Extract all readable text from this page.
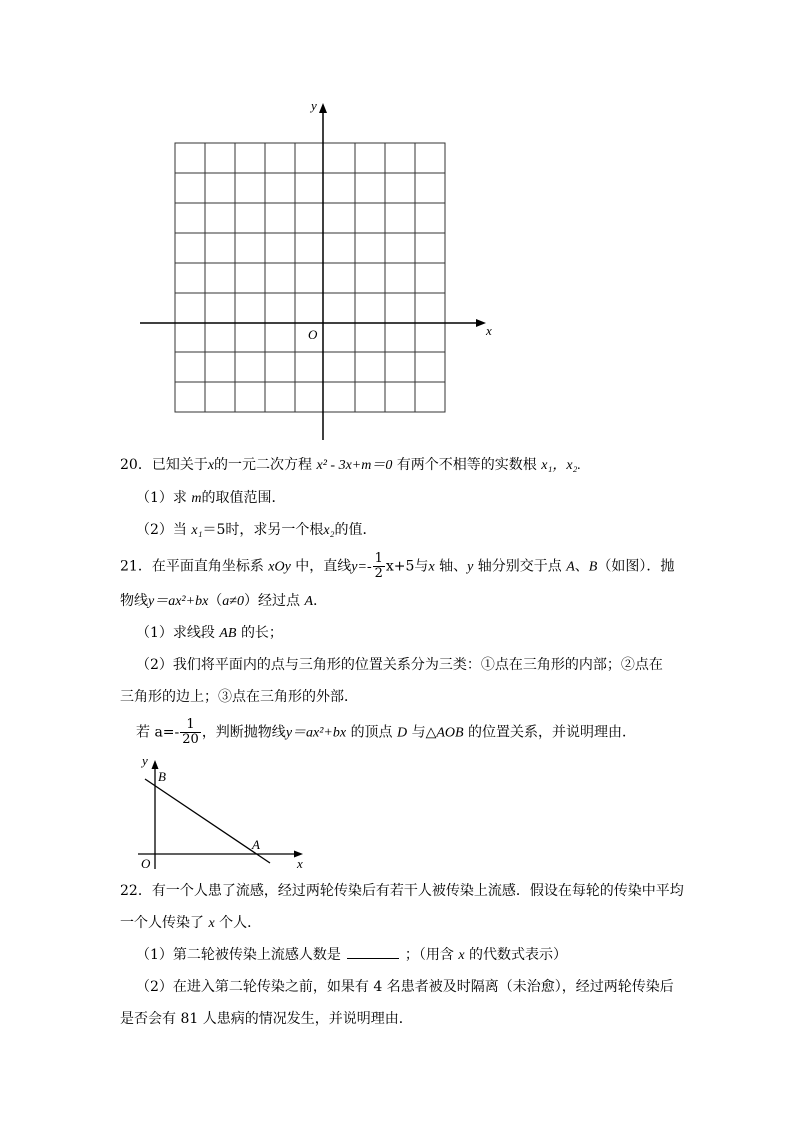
y
x
O
20．已知关于x的一元二次方程 x² - 3x+m＝0 有两个不相等的实数根 x₁，x₂.
（1）求 m的取值范围．
（2）当 x₁＝5时，求另一个根x₂的值．
21．在平面直角坐标系 xOy 中，直线$y=- \frac{1}{2} x+5$与x 轴、y 轴分别交于点 A、B（如图）．抛
物线y＝ax²+bx（a≠0）经过点 A.
（1）求线段 AB 的长；
（2）我们将平面内的点与三角形的位置关系分为三类：①点在三角形的内部；②点在
三角形的边上；③点在三角形的外部．
若 $a=- \frac{1}{20}$ ，判断抛物线y＝ax²+bx 的顶点 D 与△AOB 的位置关系，并说明理由．
y
B
A
O	x
22．有一个人患了流感，经过两轮传染后有若干人被传染上流感．假设在每轮的传染中平均
一个人传染了 x 个人．
（1）第二轮被传染上流感人数是	；（用含 x 的代数式表示）
（2）在进入第二轮传染之前，如果有 4 名患者被及时隔离（未治愈），经过两轮传染后
是否会有 81 人患病的情况发生，并说明理由．
